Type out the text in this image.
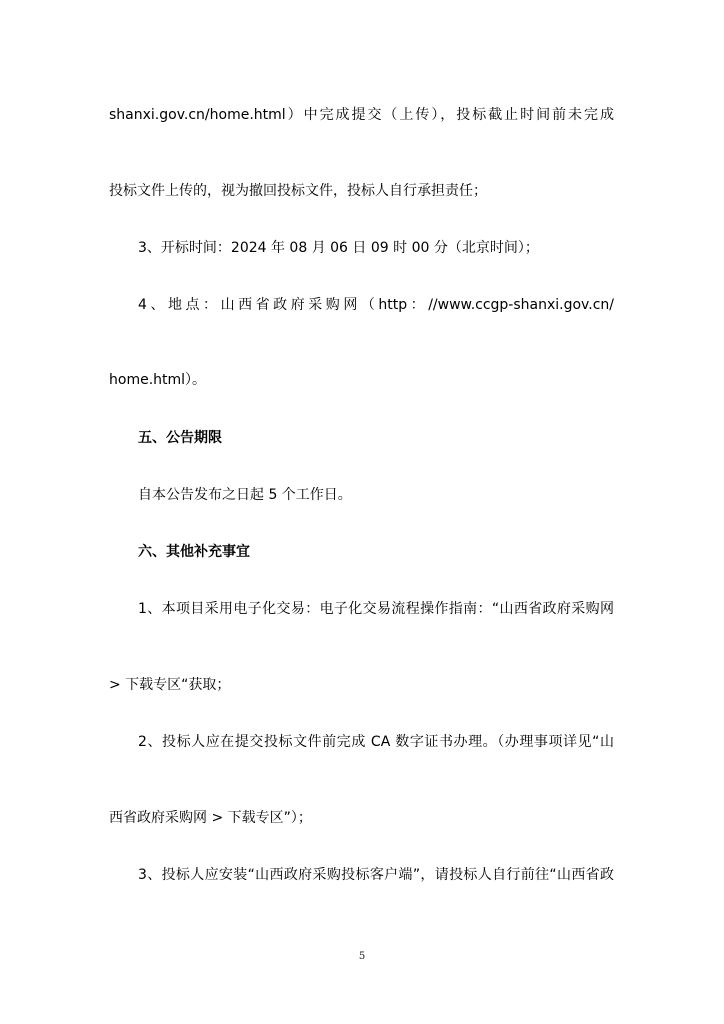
shanxi.gov.cn/home.html）中完成提交（上传），投标截止时间前未完成
投标文件上传的，视为撤回投标文件，投标人自行承担责任；
3、开标时间：2024 年 08 月 06 日 09 时 00 分（北京时间）；
4、地点：山西省政府采购网（http：//www.ccgp-shanxi.gov.cn/
home.html）。
五、公告期限
自本公告发布之日起 5 个工作日。
六、其他补充事宜
1、本项目采用电子化交易：电子化交易流程操作指南：“山西省政府采购网
> 下载专区“获取；
2、投标人应在提交投标文件前完成 CA 数字证书办理。（办理事项详见“山
西省政府采购网 > 下载专区”）；
3、投标人应安装“山西政府采购投标客户端”，请投标人自行前往“山西省政
5
